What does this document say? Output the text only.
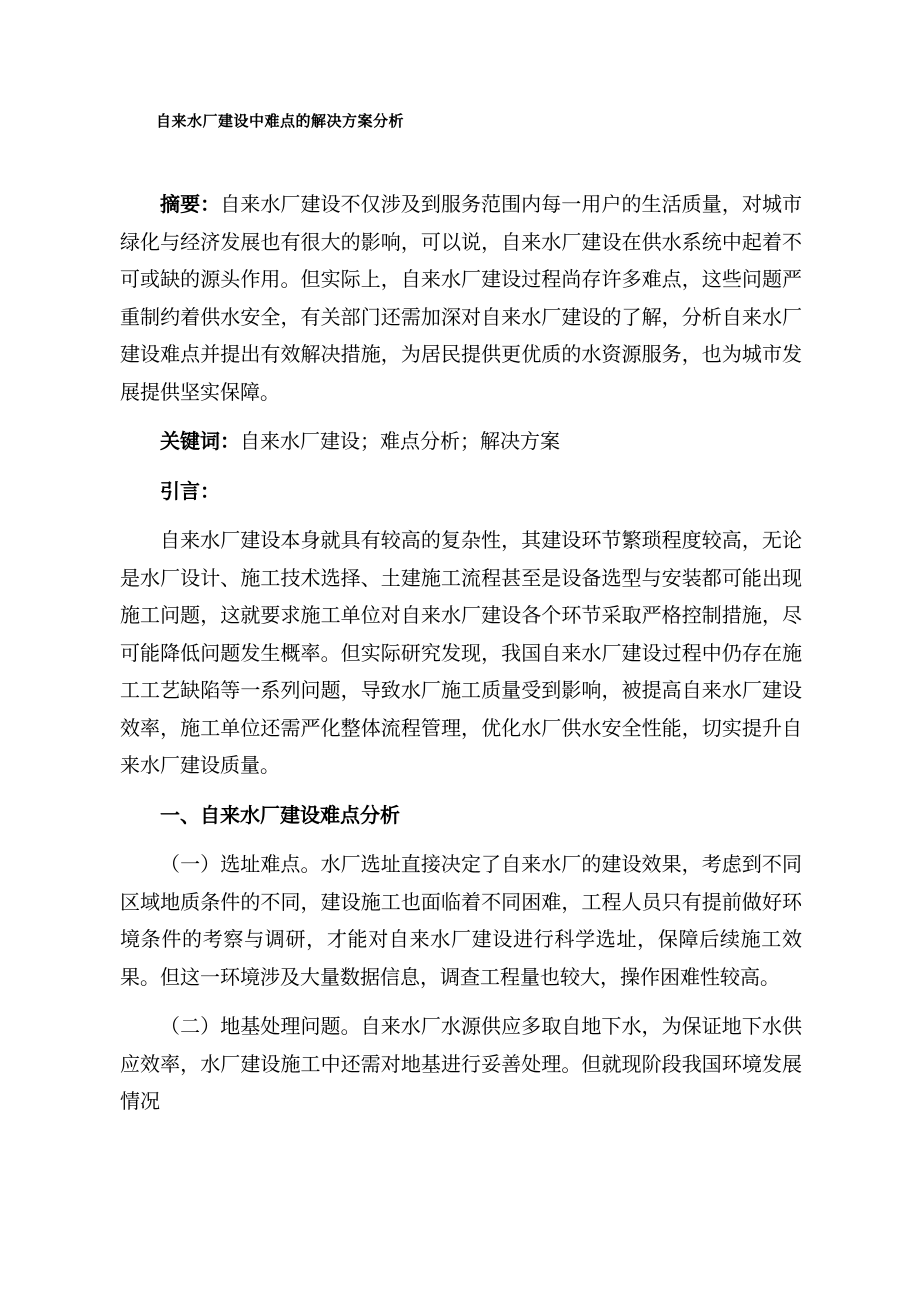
自来水厂建设中难点的解决方案分析

摘要：自来水厂建设不仅涉及到服务范围内每一用户的生活质量，对城市绿化与经济发展也有很大的影响，可以说，自来水厂建设在供水系统中起着不可或缺的源头作用。但实际上，自来水厂建设过程尚存许多难点，这些问题严重制约着供水安全，有关部门还需加深对自来水厂建设的了解，分析自来水厂建设难点并提出有效解决措施，为居民提供更优质的水资源服务，也为城市发展提供坚实保障。

关键词：自来水厂建设；难点分析；解决方案

引言：

自来水厂建设本身就具有较高的复杂性，其建设环节繁琐程度较高，无论是水厂设计、施工技术选择、土建施工流程甚至是设备选型与安装都可能出现施工问题，这就要求施工单位对自来水厂建设各个环节采取严格控制措施，尽可能降低问题发生概率。但实际研究发现，我国自来水厂建设过程中仍存在施工工艺缺陷等一系列问题，导致水厂施工质量受到影响，被提高自来水厂建设效率，施工单位还需严化整体流程管理，优化水厂供水安全性能，切实提升自来水厂建设质量。

一、自来水厂建设难点分析

（一）选址难点。水厂选址直接决定了自来水厂的建设效果，考虑到不同区域地质条件的不同，建设施工也面临着不同困难，工程人员只有提前做好环境条件的考察与调研，才能对自来水厂建设进行科学选址，保障后续施工效果。但这一环境涉及大量数据信息，调查工程量也较大，操作困难性较高。

（二）地基处理问题。自来水厂水源供应多取自地下水，为保证地下水供应效率，水厂建设施工中还需对地基进行妥善处理。但就现阶段我国环境发展情况
